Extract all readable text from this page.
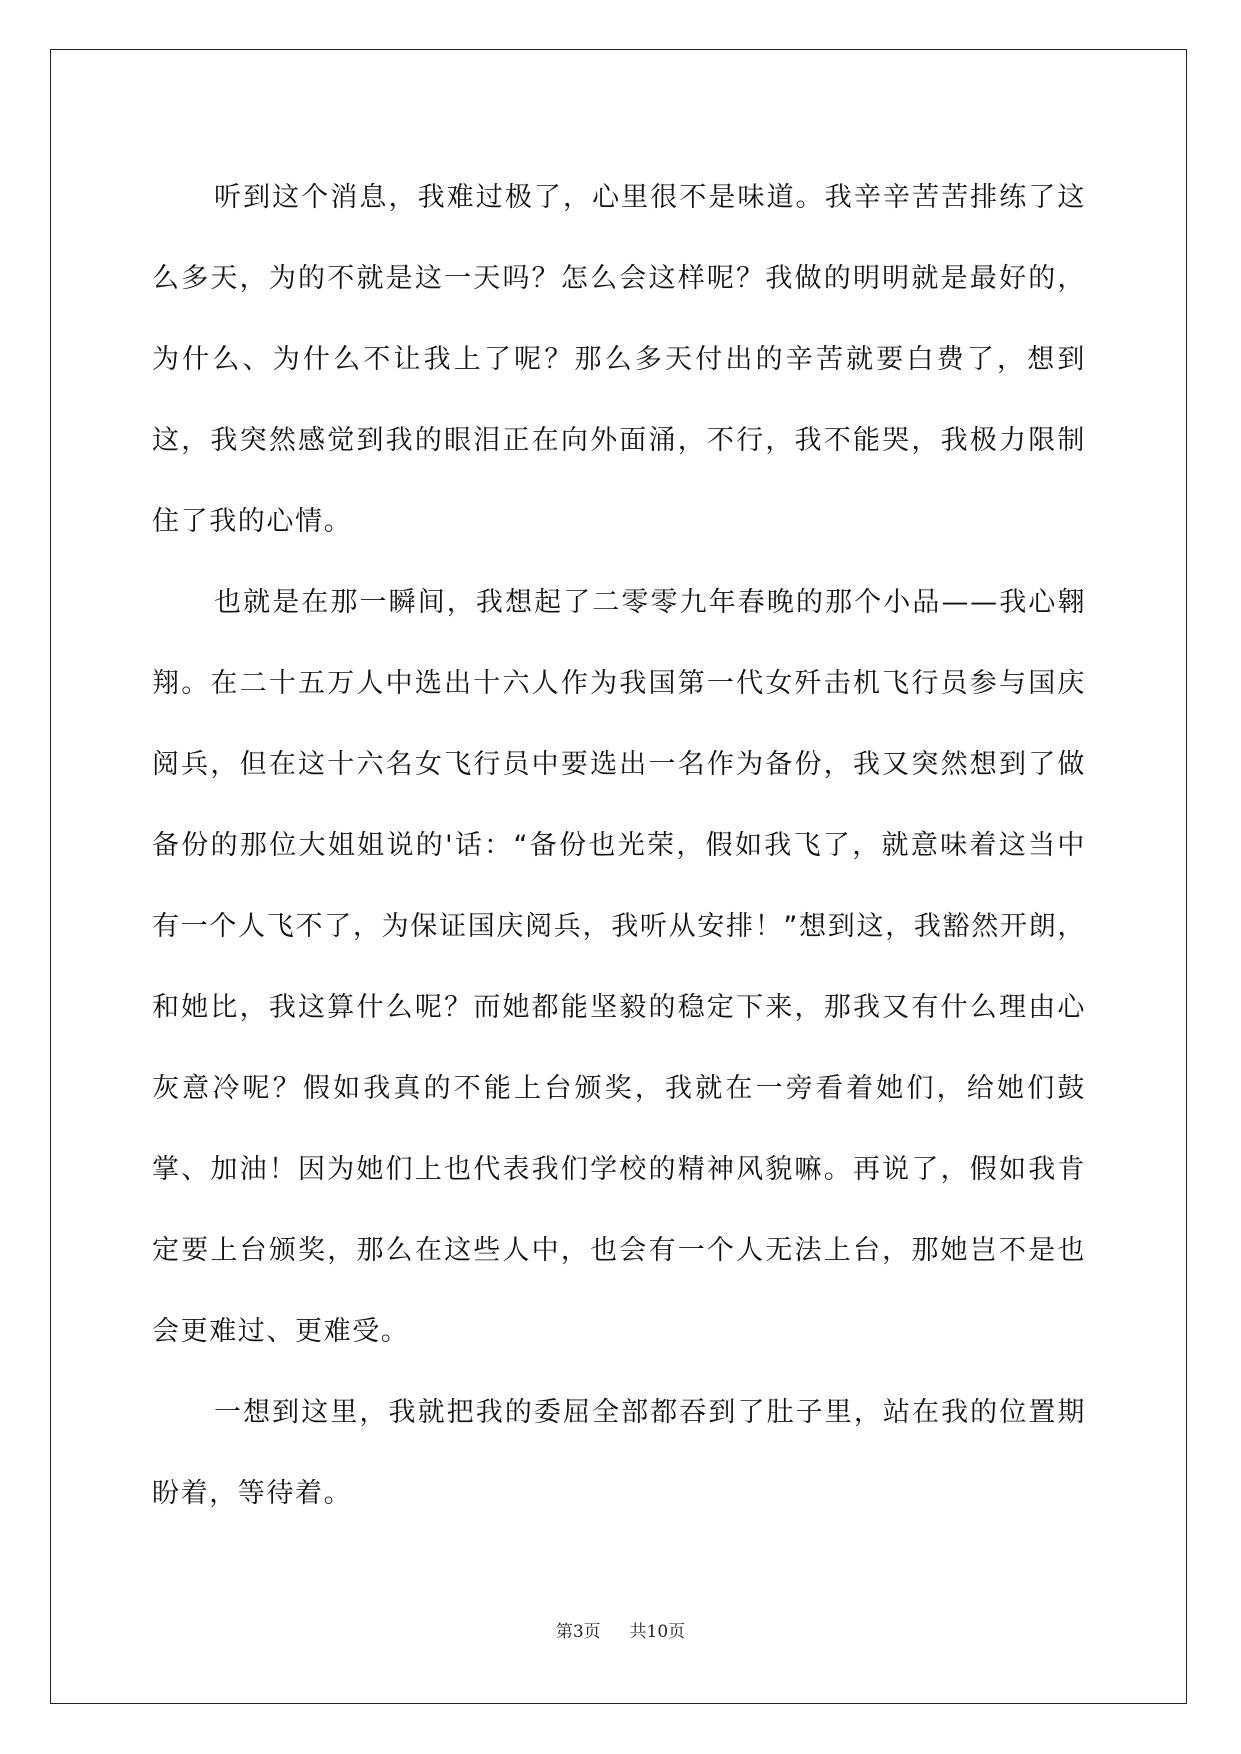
听到这个消息，我难过极了，心里很不是味道。我辛辛苦苦排练了这么多天，为的不就是这一天吗？怎么会这样呢？我做的明明就是最好的，为什么、为什么不让我上了呢？那么多天付出的辛苦就要白费了，想到这，我突然感觉到我的眼泪正在向外面涌，不行，我不能哭，我极力限制住了我的心情。

也就是在那一瞬间，我想起了二零零九年春晚的那个小品——我心翱翔。在二十五万人中选出十六人作为我国第一代女歼击机飞行员参与国庆阅兵，但在这十六名女飞行员中要选出一名作为备份，我又突然想到了做备份的那位大姐姐说的'话：“备份也光荣，假如我飞了，就意味着这当中有一个人飞不了，为保证国庆阅兵，我听从安排！”想到这，我豁然开朗，和她比，我这算什么呢？而她都能坚毅的稳定下来，那我又有什么理由心灰意冷呢？假如我真的不能上台颁奖，我就在一旁看着她们，给她们鼓掌、加油！因为她们上也代表我们学校的精神风貌嘛。再说了，假如我肯定要上台颁奖，那么在这些人中，也会有一个人无法上台，那她岂不是也会更难过、更难受。

一想到这里，我就把我的委屈全部都吞到了肚子里，站在我的位置期盼着，等待着。

第3页 共10页
